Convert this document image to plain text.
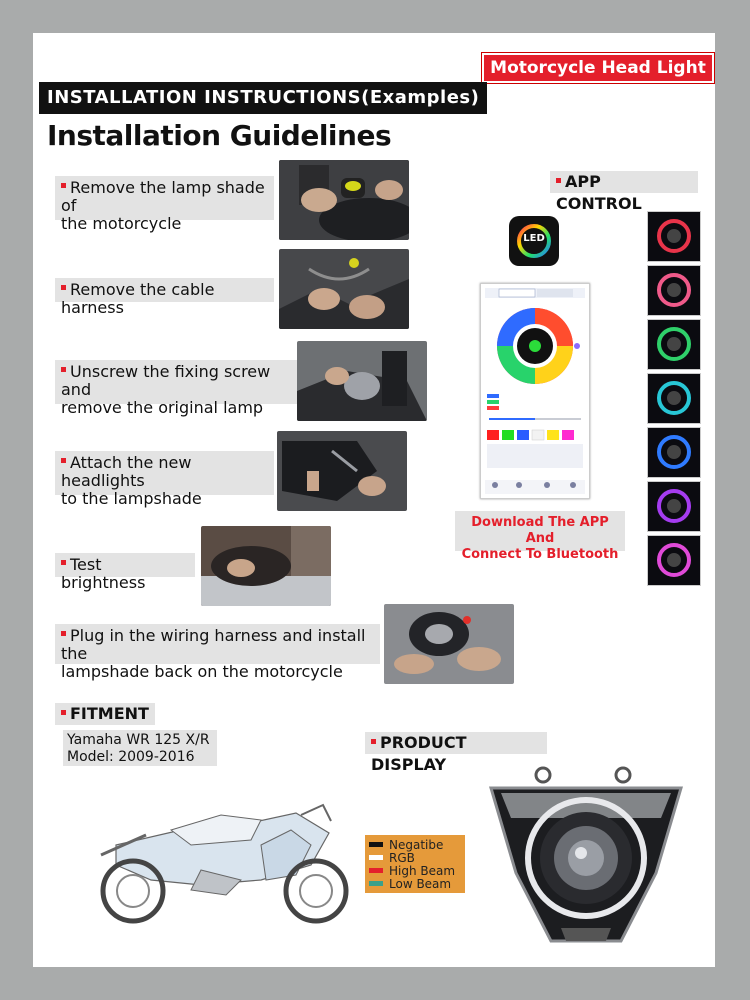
Motorcycle Head Light
INSTALLATION INSTRUCTIONS(Examples)
Installation Guidelines
Remove the lamp shade of
the motorcycle
Remove the cable harness
Unscrew the fixing screw and
remove the original lamp
Attach the new headlights
to the lampshade
Test brightness
Plug in the wiring harness and install the
lampshade back on the motorcycle
APP CONTROL
LED
Download The APP And
Connect To Bluetooth
FITMENT
Yamaha WR 125 X/R
Model: 2009-2016
PRODUCT DISPLAY
Negatibe
RGB
High Beam
Low Beam
